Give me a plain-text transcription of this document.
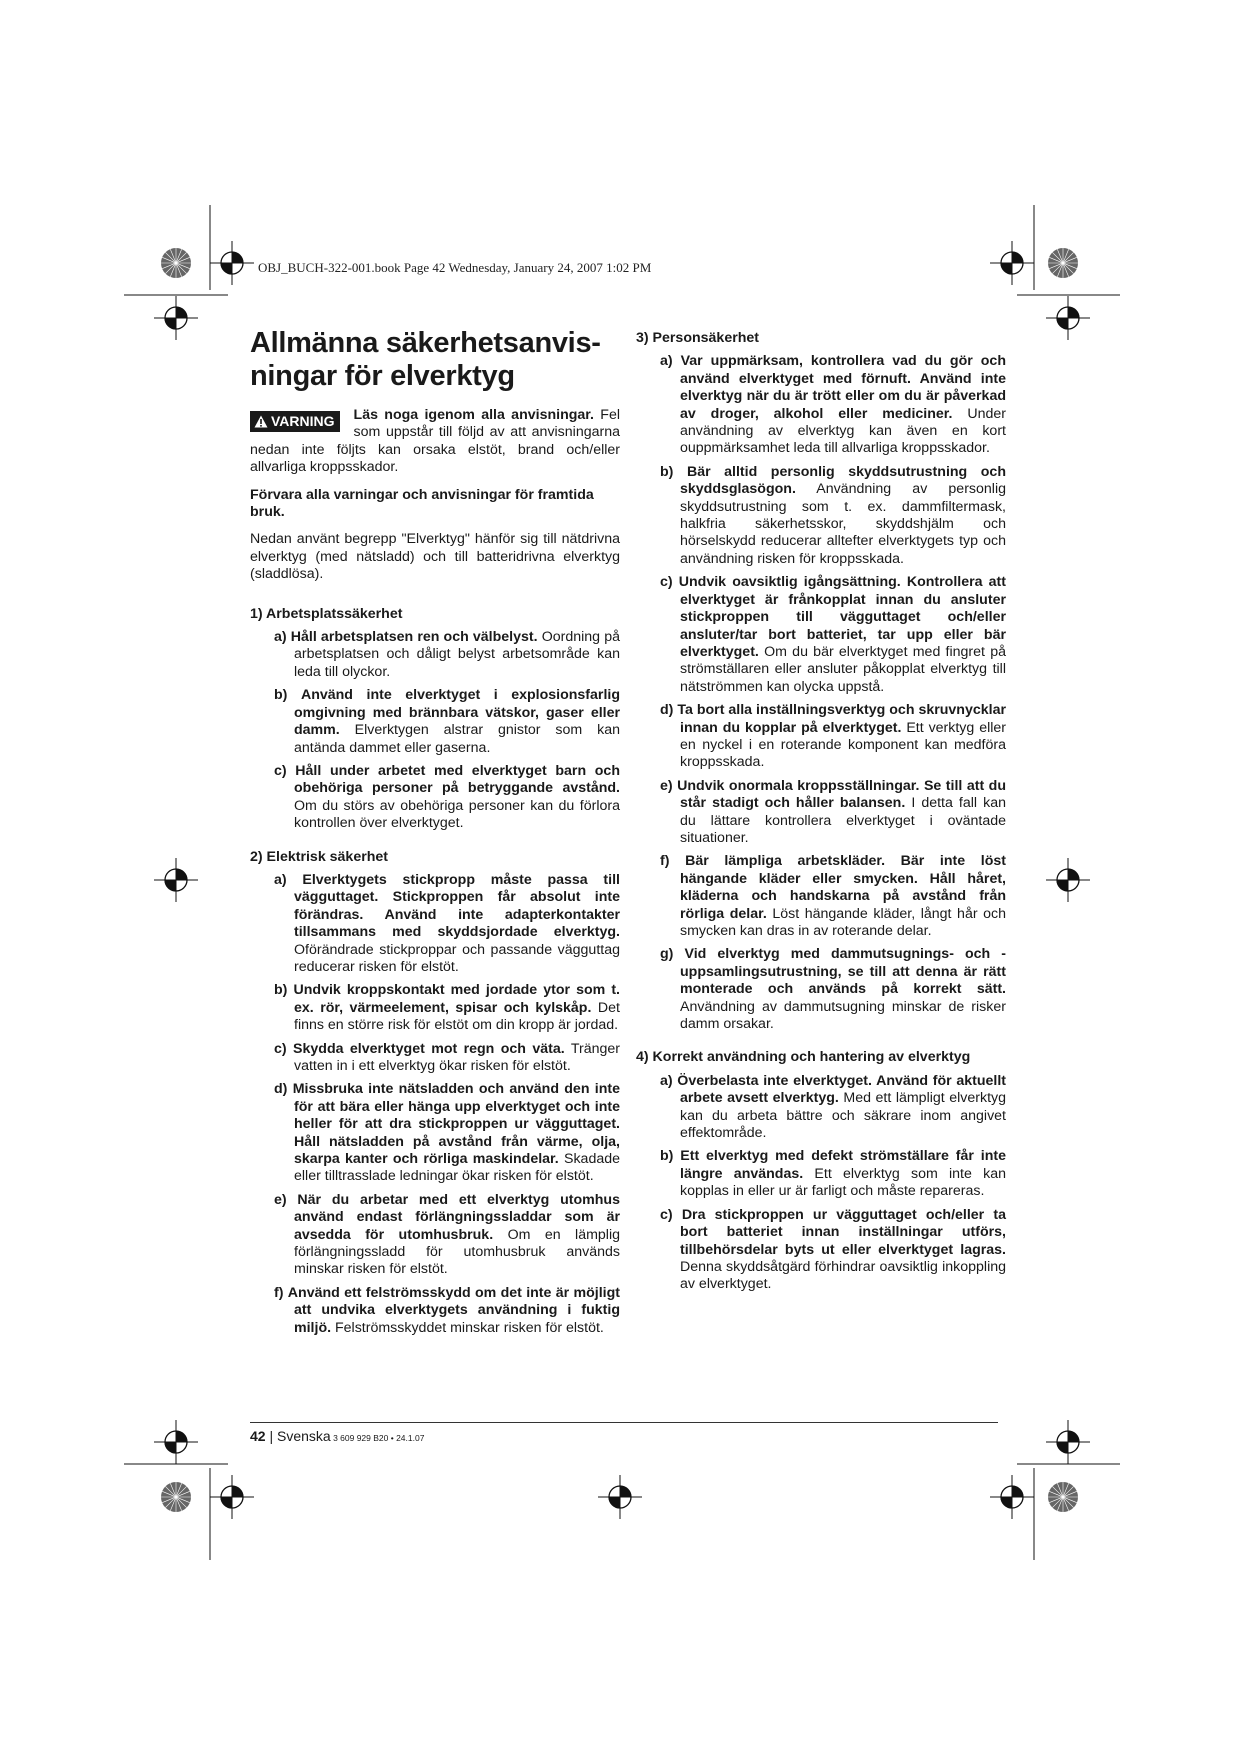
OBJ_BUCH-322-001.book Page 42 Wednesday, January 24, 2007 1:02 PM
Allmänna säkerhetsanvis-
ningar för elverktyg
VARNING Läs noga igenom alla anvisningar. Fel som uppstår till följd av att anvisningarna nedan inte följts kan orsaka elstöt, brand och/eller allvarliga kroppsskador.

Förvara alla varningar och anvisningar för framtida bruk.

Nedan använt begrepp "Elverktyg" hänför sig till nätdrivna elverktyg (med nätsladd) och till batteridrivna elverktyg (sladdlösa).

1) Arbetsplatssäkerhet

a) Håll arbetsplatsen ren och välbelyst. Oordning på arbetsplatsen och dåligt belyst arbetsområde kan leda till olyckor.

b) Använd inte elverktyget i explosionsfarlig omgivning med brännbara vätskor, gaser eller damm. Elverktygen alstrar gnistor som kan antända dammet eller gaserna.

c) Håll under arbetet med elverktyget barn och obehöriga personer på betryggande avstånd. Om du störs av obehöriga personer kan du förlora kontrollen över elverktyget.

2) Elektrisk säkerhet

a) Elverktygets stickpropp måste passa till vägguttaget. Stickproppen får absolut inte förändras. Använd inte adapterkontakter tillsammans med skyddsjordade elverktyg. Oförändrade stickproppar och passande vägguttag reducerar risken för elstöt.

b) Undvik kroppskontakt med jordade ytor som t. ex. rör, värmeelement, spisar och kylskåp. Det finns en större risk för elstöt om din kropp är jordad.

c) Skydda elverktyget mot regn och väta. Tränger vatten in i ett elverktyg ökar risken för elstöt.

d) Missbruka inte nätsladden och använd den inte för att bära eller hänga upp elverktyget och inte heller för att dra stickproppen ur vägguttaget. Håll nätsladden på avstånd från värme, olja, skarpa kanter och rörliga maskindelar. Skadade eller tilltrasslade ledningar ökar risken för elstöt.

e) När du arbetar med ett elverktyg utomhus använd endast förlängningssladdar som är avsedda för utomhusbruk. Om en lämplig förlängningssladd för utomhusbruk används minskar risken för elstöt.

f) Använd ett felströmsskydd om det inte är möjligt att undvika elverktygets användning i fuktig miljö. Felströmsskyddet minskar risken för elstöt.

3) Personsäkerhet

a) Var uppmärksam, kontrollera vad du gör och använd elverktyget med förnuft. Använd inte elverktyg när du är trött eller om du är påverkad av droger, alkohol eller mediciner. Under användning av elverktyg kan även en kort ouppmärksamhet leda till allvarliga kroppsskador.

b) Bär alltid personlig skyddsutrustning och skyddsglasögon. Användning av personlig skyddsutrustning som t. ex. dammfiltermask, halkfria säkerhetsskor, skyddshjälm och hörselskydd reducerar alltefter elverktygets typ och användning risken för kroppsskada.

c) Undvik oavsiktlig igångsättning. Kontrollera att elverktyget är frånkopplat innan du ansluter stickproppen till vägguttaget och/eller ansluter/tar bort batteriet, tar upp eller bär elverktyget. Om du bär elverktyget med fingret på strömställaren eller ansluter påkopplat elverktyg till nätströmmen kan olycka uppstå.

d) Ta bort alla inställningsverktyg och skruvnycklar innan du kopplar på elverktyget. Ett verktyg eller en nyckel i en roterande komponent kan medföra kroppsskada.

e) Undvik onormala kroppsställningar. Se till att du står stadigt och håller balansen. I detta fall kan du lättare kontrollera elverktyget i oväntade situationer.

f) Bär lämpliga arbetskläder. Bär inte löst hängande kläder eller smycken. Håll håret, kläderna och handskarna på avstånd från rörliga delar. Löst hängande kläder, långt hår och smycken kan dras in av roterande delar.

g) Vid elverktyg med dammutsugnings- och -uppsamlingsutrustning, se till att denna är rätt monterade och används på korrekt sätt. Användning av dammutsugning minskar de risker damm orsakar.

4) Korrekt användning och hantering av elverktyg

a) Överbelasta inte elverktyget. Använd för aktuellt arbete avsett elverktyg. Med ett lämpligt elverktyg kan du arbeta bättre och säkrare inom angivet effektområde.

b) Ett elverktyg med defekt strömställare får inte längre användas. Ett elverktyg som inte kan kopplas in eller ur är farligt och måste repareras.

c) Dra stickproppen ur vägguttaget och/eller ta bort batteriet innan inställningar utförs, tillbehörsdelar byts ut eller elverktyget lagras. Denna skyddsåtgärd förhindrar oavsiktlig inkoppling av elverktyget.

42 | Svenska 3 609 929 B20 • 24.1.07
